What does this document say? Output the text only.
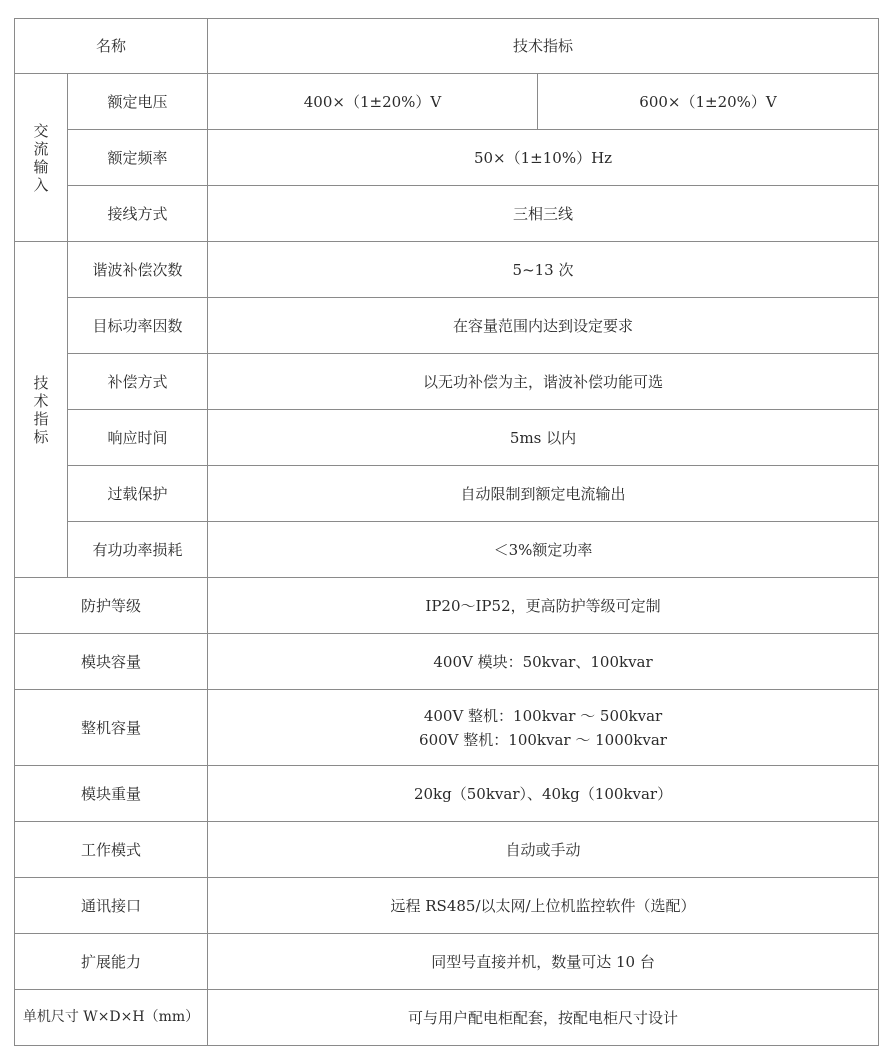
名称		技术指标	
交流输入	额定电压	400×（1±20%）V	600×（1±20%）V
	额定频率	50×（1±10%）Hz	
	接线方式	三相三线	
技术指标	谐波补偿次数	5~13 次	
	目标功率因数	在容量范围内达到设定要求	
	补偿方式	以无功补偿为主，谐波补偿功能可选	
	响应时间	5ms 以内	
	过载保护	自动限制到额定电流输出	
	有功功率损耗	＜3%额定功率	
防护等级		IP20～IP52，更高防护等级可定制	
模块容量		400V 模块：50kvar、100kvar	
整机容量		400V 整机：100kvar ～ 500kvar
600V 整机：100kvar ～ 1000kvar	

模块重量		20kg（50kvar）、40kg（100kvar）	
工作模式		自动或手动	
通讯接口		远程 RS485/以太网/上位机监控软件（选配）	
扩展能力		同型号直接并机，数量可达 10 台	
单机尺寸 W×D×H（mm）		可与用户配电柜配套，按配电柜尺寸设计	
